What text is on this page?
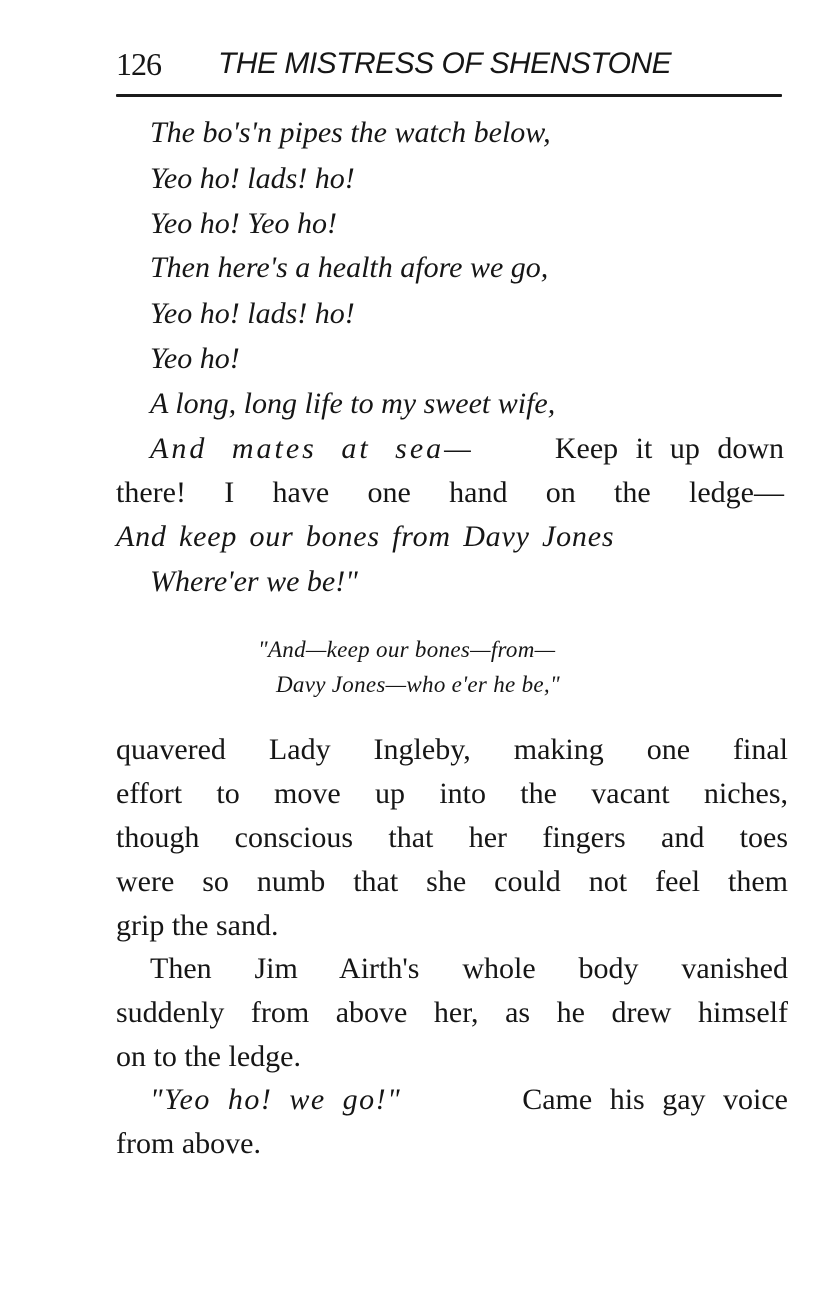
126 THE MISTRESS OF SHENSTONE
The bo's'n pipes the watch below,
Yeo ho! lads! ho!
Yeo ho! Yeo ho!
Then here's a health afore we go,
Yeo ho! lads! ho!
Yeo ho!
A long, long life to my sweet wife,
And mates at sea—	Keep it up down
there! I have one hand on the ledge—
And keep our bones from Davy Jones
Where'er we be!"
"And—keep our bones—from—
Davy Jones—who e'er he be,"
quavered Lady Ingleby, making one final
effort to move up into the vacant niches,
though conscious that her fingers and toes
were so numb that she could not feel them
grip the sand.
Then Jim Airth's whole body vanished
suddenly from above her, as he drew himself
on to the ledge.
"Yeo ho! we go!"	Came his gay voice
from above.
